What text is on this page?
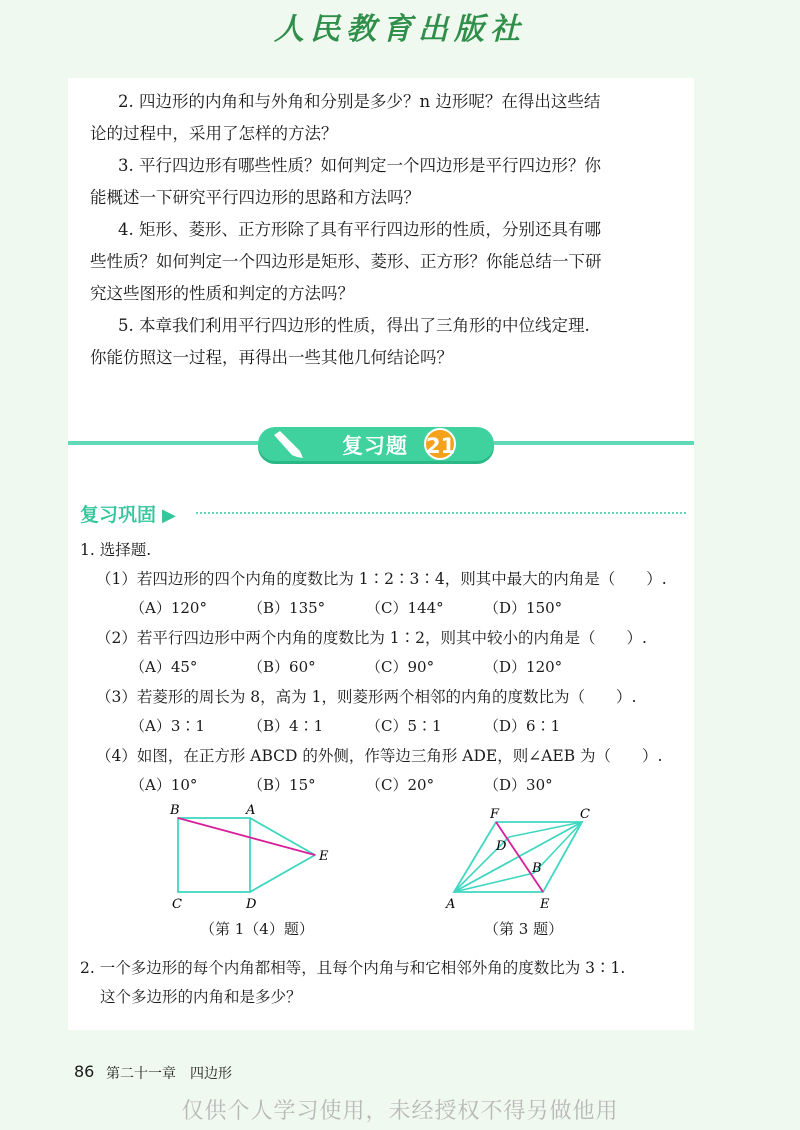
人民教育出版社
2. 四边形的内角和与外角和分别是多少？n 边形呢？在得出这些结
论的过程中，采用了怎样的方法？
3. 平行四边形有哪些性质？如何判定一个四边形是平行四边形？你
能概述一下研究平行四边形的思路和方法吗？
4. 矩形、菱形、正方形除了具有平行四边形的性质，分别还具有哪
些性质？如何判定一个四边形是矩形、菱形、正方形？你能总结一下研
究这些图形的性质和判定的方法吗？
5. 本章我们利用平行四边形的性质，得出了三角形的中位线定理.
你能仿照这一过程，再得出一些其他几何结论吗？
复习题 21
复习巩固 ▶

1. 选择题.

（1）若四边形的四个内角的度数比为 1∶2∶3∶4，则其中最大的内角是（　　）.

（A）120°	（B）135°	（C）144°	（D）150°

（2）若平行四边形中两个内角的度数比为 1∶2，则其中较小的内角是（　　）.

（A）45°	（B）60°	（C）90°	（D）120°

（3）若菱形的周长为 8，高为 1，则菱形两个相邻的内角的度数比为（　　）.

（A）3∶1	（B）4∶1	（C）5∶1	（D）6∶1

（4）如图，在正方形 ABCD 的外侧，作等边三角形 ADE，则∠AEB 为（　　）.

（A）10°	（B）15°	（C）20°	（D）30°
B	A
E
C	D
（第 1（4）题）
F	C
D
B
A	E
（第 3 题）

2. 一个多边形的每个内角都相等，且每个内角与和它相邻外角的度数比为 3∶1.

这个多边形的内角和是多少？

86 第二十一章　四边形
仅供个人学习使用，未经授权不得另做他用
